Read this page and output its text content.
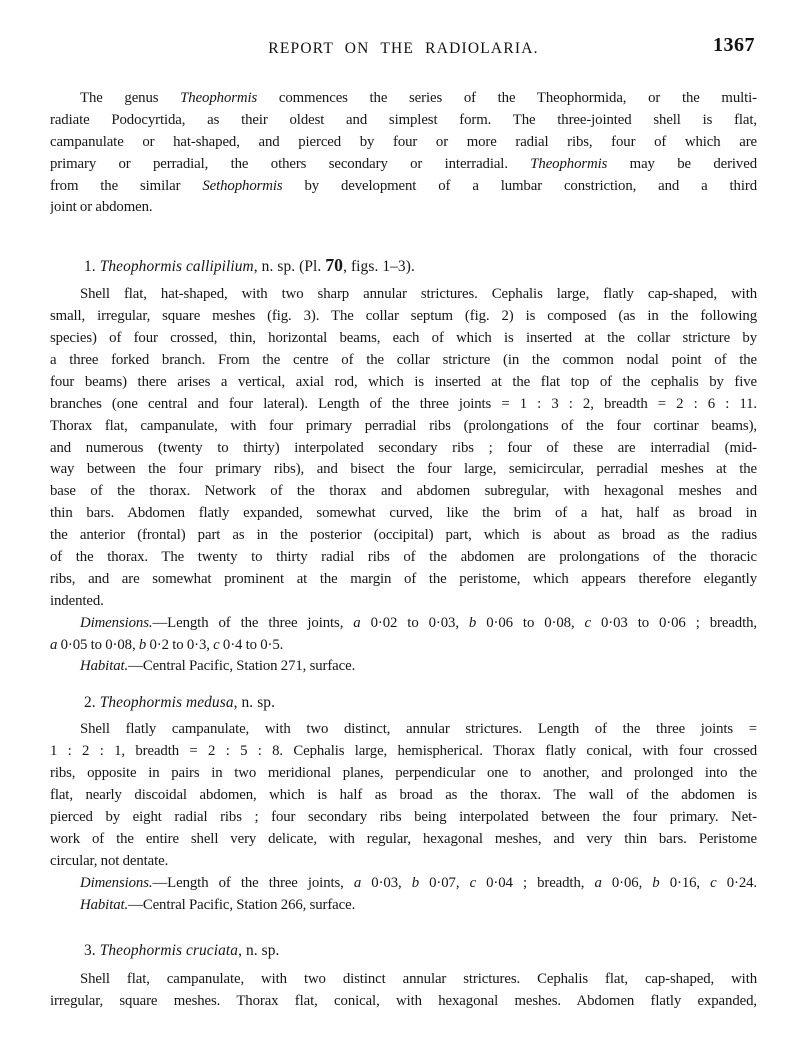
REPORT ON THE RADIOLARIA.	1367
The genus Theophormis commences the series of the Theophormida, or the multi-
radiate Podocyrtida, as their oldest and simplest form. The three-jointed shell is flat,
campanulate or hat-shaped, and pierced by four or more radial ribs, four of which are
primary or perradial, the others secondary or interradial. Theophormis may be derived
from the similar Sethophormis by development of a lumbar constriction, and a third
joint or abdomen.
1. Theophormis callipilium, n. sp. (Pl. 70, figs. 1–3).
Shell flat, hat-shaped, with two sharp annular strictures. Cephalis large, flatly cap-shaped, with
small, irregular, square meshes (fig. 3). The collar septum (fig. 2) is composed (as in the following
species) of four crossed, thin, horizontal beams, each of which is inserted at the collar stricture by
a three forked branch. From the centre of the collar stricture (in the common nodal point of the
four beams) there arises a vertical, axial rod, which is inserted at the flat top of the cephalis by five
branches (one central and four lateral). Length of the three joints = 1 : 3 : 2, breadth = 2 : 6 : 11.
Thorax flat, campanulate, with four primary perradial ribs (prolongations of the four cortinar beams),
and numerous (twenty to thirty) interpolated secondary ribs ; four of these are interradial (mid-
way between the four primary ribs), and bisect the four large, semicircular, perradial meshes at the
base of the thorax. Network of the thorax and abdomen subregular, with hexagonal meshes and
thin bars. Abdomen flatly expanded, somewhat curved, like the brim of a hat, half as broad in
the anterior (frontal) part as in the posterior (occipital) part, which is about as broad as the radius
of the thorax. The twenty to thirty radial ribs of the abdomen are prolongations of the thoracic
ribs, and are somewhat prominent at the margin of the peristome, which appears therefore elegantly
indented.
Dimensions.—Length of the three joints, a 0·02 to 0·03, b 0·06 to 0·08, c 0·03 to 0·06 ; breadth,
a 0·05 to 0·08, b 0·2 to 0·3, c 0·4 to 0·5.
Habitat.—Central Pacific, Station 271, surface.
2. Theophormis medusa, n. sp.
Shell flatly campanulate, with two distinct, annular strictures. Length of the three joints =
1 : 2 : 1, breadth = 2 : 5 : 8. Cephalis large, hemispherical. Thorax flatly conical, with four crossed
ribs, opposite in pairs in two meridional planes, perpendicular one to another, and prolonged into the
flat, nearly discoidal abdomen, which is half as broad as the thorax. The wall of the abdomen is
pierced by eight radial ribs ; four secondary ribs being interpolated between the four primary. Net-
work of the entire shell very delicate, with regular, hexagonal meshes, and very thin bars. Peristome
circular, not dentate.
Dimensions.—Length of the three joints, a 0·03, b 0·07, c 0·04 ; breadth, a 0·06, b 0·16, c 0·24.
Habitat.—Central Pacific, Station 266, surface.
3. Theophormis cruciata, n. sp.
Shell flat, campanulate, with two distinct annular strictures. Cephalis flat, cap-shaped, with
irregular, square meshes. Thorax flat, conical, with hexagonal meshes. Abdomen flatly expanded,
